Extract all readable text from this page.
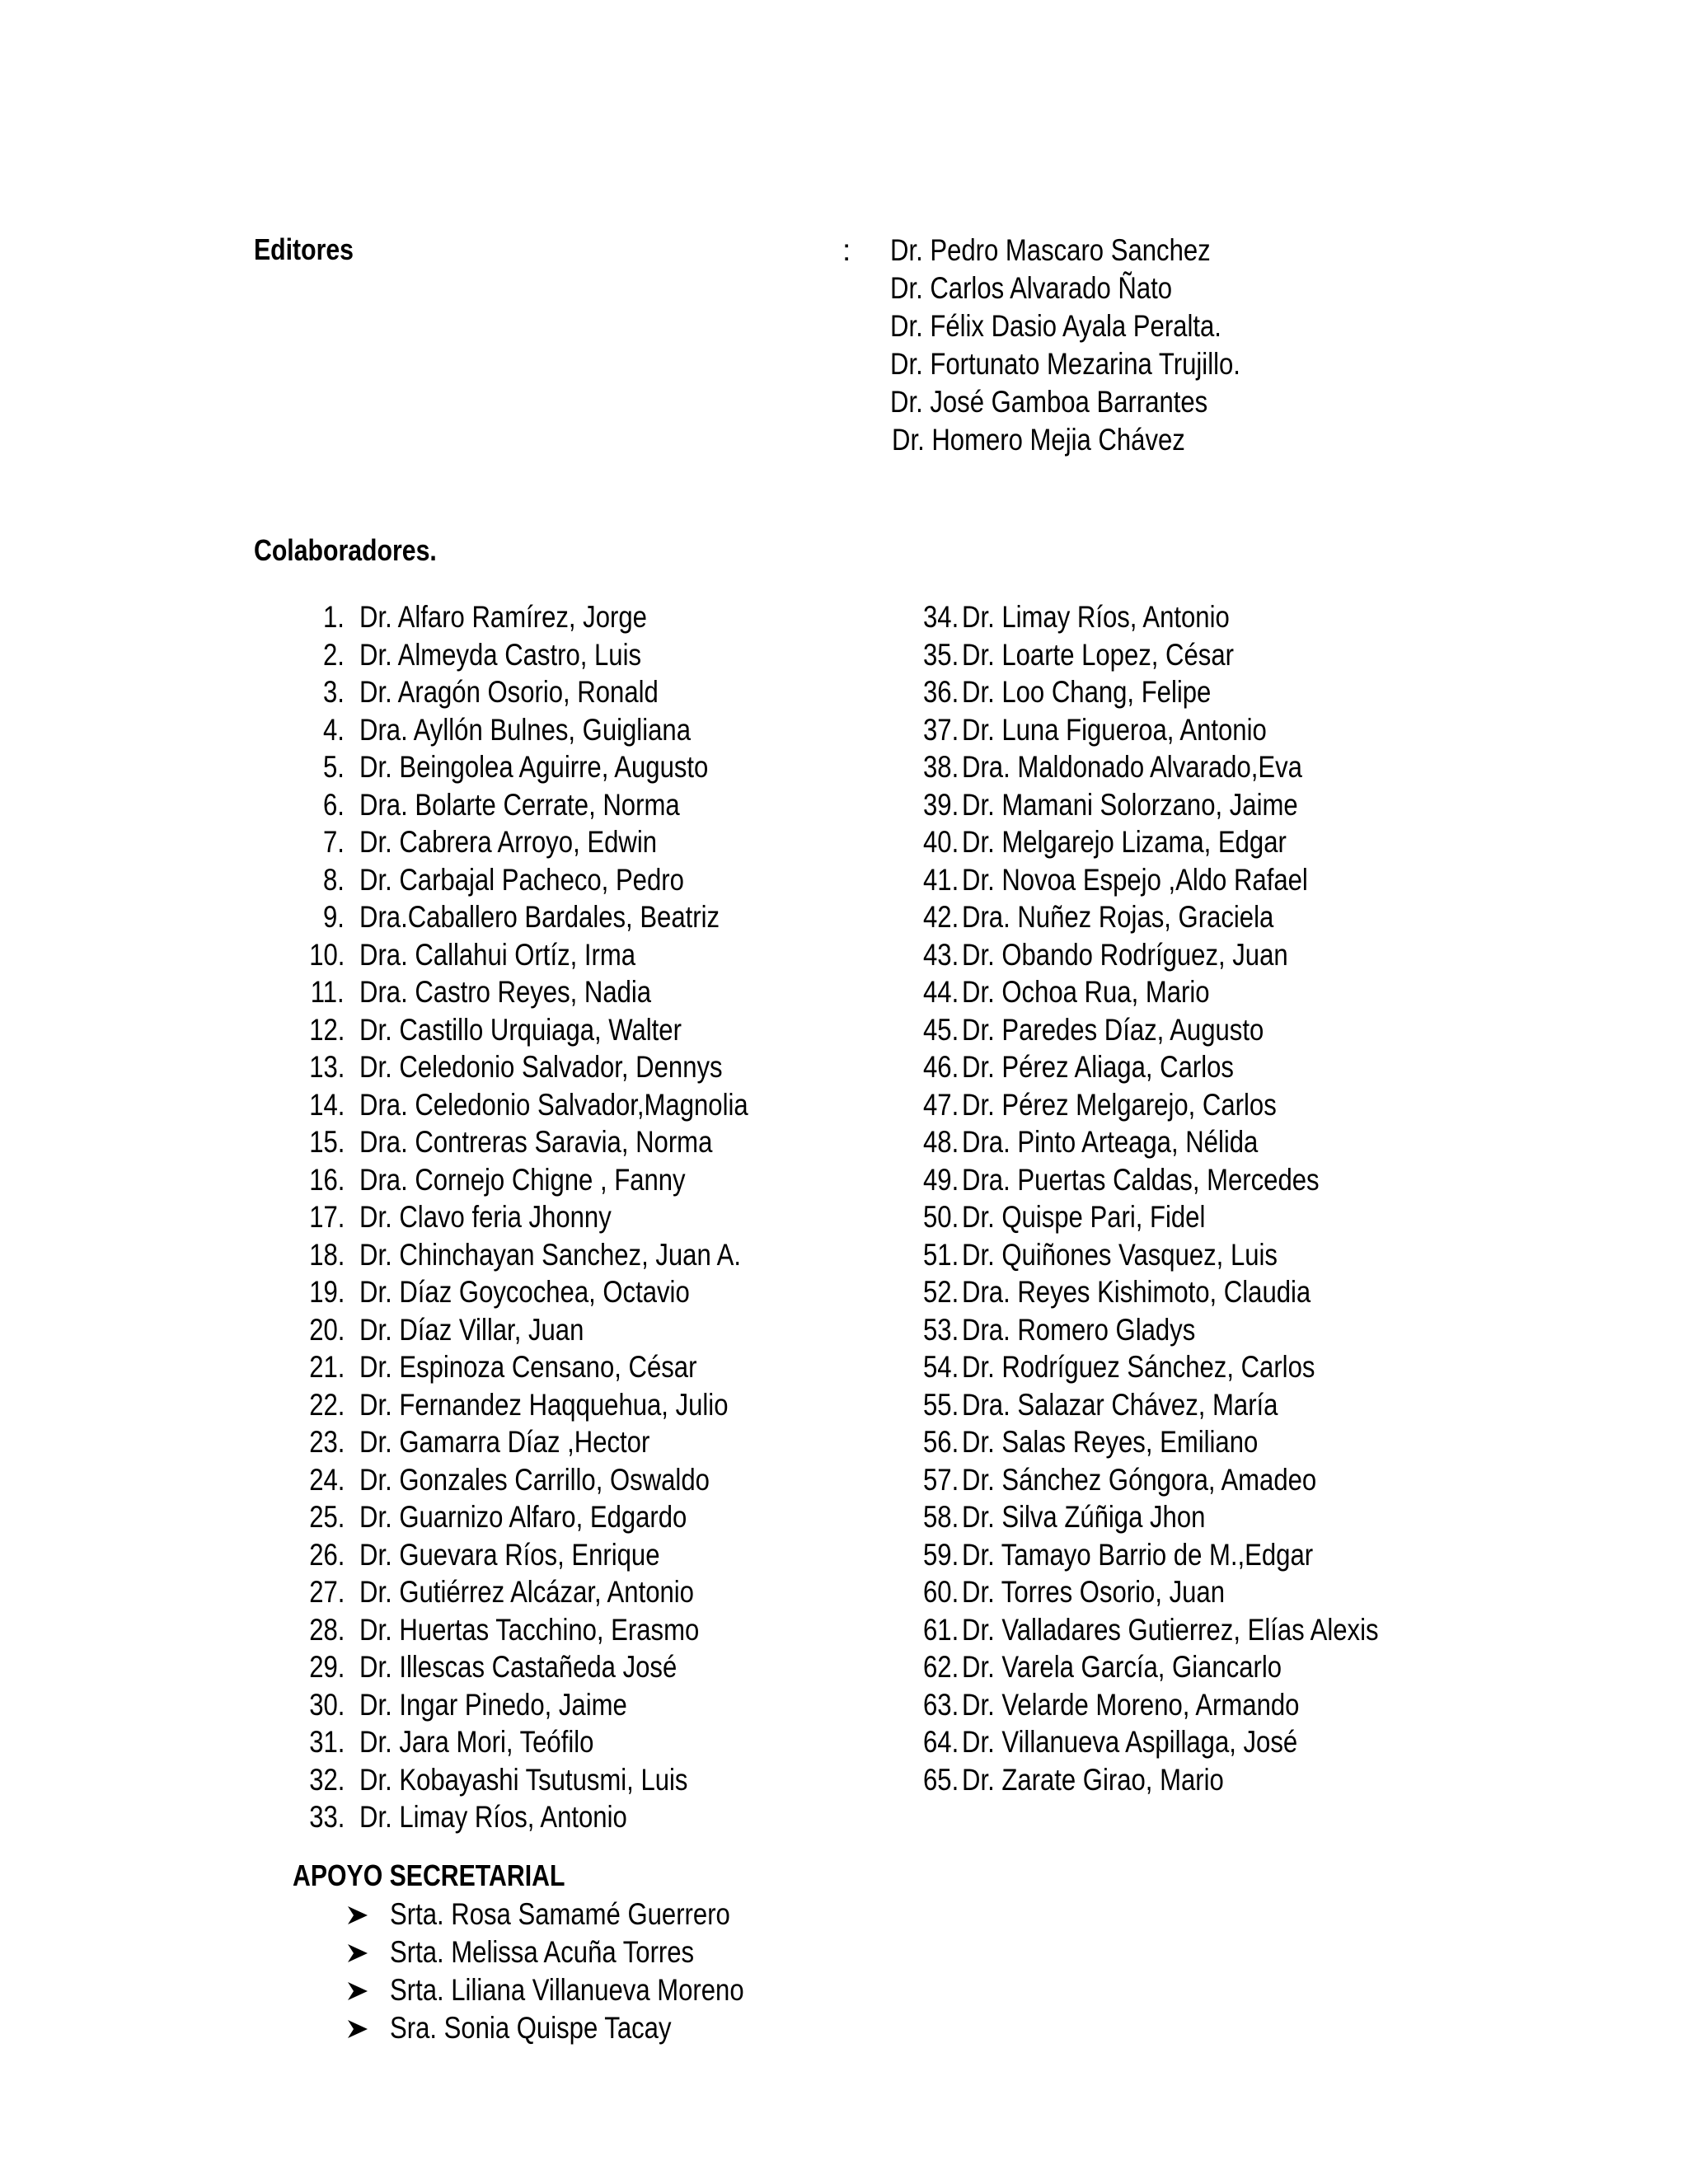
Editores	: Dr. Pedro Mascaro Sanchez
Dr. Carlos Alvarado Ñato
Dr. Félix Dasio Ayala Peralta.
Dr. Fortunato Mezarina Trujillo.
Dr. José Gamboa Barrantes
Dr. Homero Mejia Chávez
Colaboradores.
1. Dr. Alfaro Ramírez, Jorge
2. Dr. Almeyda Castro, Luis
3. Dr. Aragón Osorio, Ronald
4. Dra. Ayllón Bulnes, Guigliana
5. Dr. Beingolea Aguirre, Augusto
6. Dra. Bolarte Cerrate, Norma
7. Dr. Cabrera Arroyo, Edwin
8. Dr. Carbajal Pacheco, Pedro
9. Dra.Caballero Bardales, Beatriz
10. Dra. Callahui Ortíz, Irma
11. Dra. Castro Reyes, Nadia
12. Dr. Castillo Urquiaga, Walter
13. Dr. Celedonio Salvador, Dennys
14. Dra. Celedonio Salvador,Magnolia
15. Dra. Contreras Saravia, Norma
16. Dra. Cornejo Chigne , Fanny
17. Dr. Clavo feria Jhonny
18. Dr. Chinchayan Sanchez, Juan A.
19. Dr. Díaz Goycochea, Octavio
20. Dr. Díaz Villar, Juan
21. Dr. Espinoza Censano, César
22. Dr. Fernandez Haqquehua, Julio
23. Dr. Gamarra Díaz ,Hector
24. Dr. Gonzales Carrillo, Oswaldo
25. Dr. Guarnizo Alfaro, Edgardo
26. Dr. Guevara Ríos, Enrique
27. Dr. Gutiérrez Alcázar, Antonio
28. Dr. Huertas Tacchino, Erasmo
29. Dr. Illescas Castañeda José
30. Dr. Ingar Pinedo, Jaime
31. Dr. Jara Mori, Teófilo
32. Dr. Kobayashi Tsutusmi, Luis
33. Dr. Limay Ríos, Antonio
34. Dr. Limay Ríos, Antonio
35. Dr. Loarte Lopez, César
36. Dr. Loo Chang, Felipe
37. Dr. Luna Figueroa, Antonio
38. Dra. Maldonado Alvarado,Eva
39. Dr. Mamani Solorzano, Jaime
40. Dr. Melgarejo Lizama, Edgar
41. Dr. Novoa Espejo ,Aldo Rafael
42. Dra. Nuñez Rojas, Graciela
43. Dr. Obando Rodríguez, Juan
44. Dr. Ochoa Rua, Mario
45. Dr. Paredes Díaz, Augusto
46. Dr. Pérez Aliaga, Carlos
47. Dr. Pérez Melgarejo, Carlos
48. Dra. Pinto Arteaga, Nélida
49. Dra. Puertas Caldas, Mercedes
50. Dr. Quispe Pari, Fidel
51. Dr. Quiñones Vasquez, Luis
52. Dra. Reyes Kishimoto, Claudia
53. Dra. Romero Gladys
54. Dr. Rodríguez Sánchez, Carlos
55. Dra. Salazar Chávez, María
56. Dr. Salas Reyes, Emiliano
57. Dr. Sánchez Góngora, Amadeo
58. Dr. Silva Zúñiga Jhon
59. Dr. Tamayo Barrio de M.,Edgar
60. Dr. Torres Osorio, Juan
61. Dr. Valladares Gutierrez, Elías Alexis
62. Dr. Varela García, Giancarlo
63. Dr. Velarde Moreno, Armando
64. Dr. Villanueva Aspillaga, José
65. Dr. Zarate Girao, Mario
APOYO SECRETARIAL
Srta. Rosa Samamé Guerrero
Srta. Melissa Acuña Torres
Srta. Liliana Villanueva Moreno
Sra. Sonia Quispe Tacay
